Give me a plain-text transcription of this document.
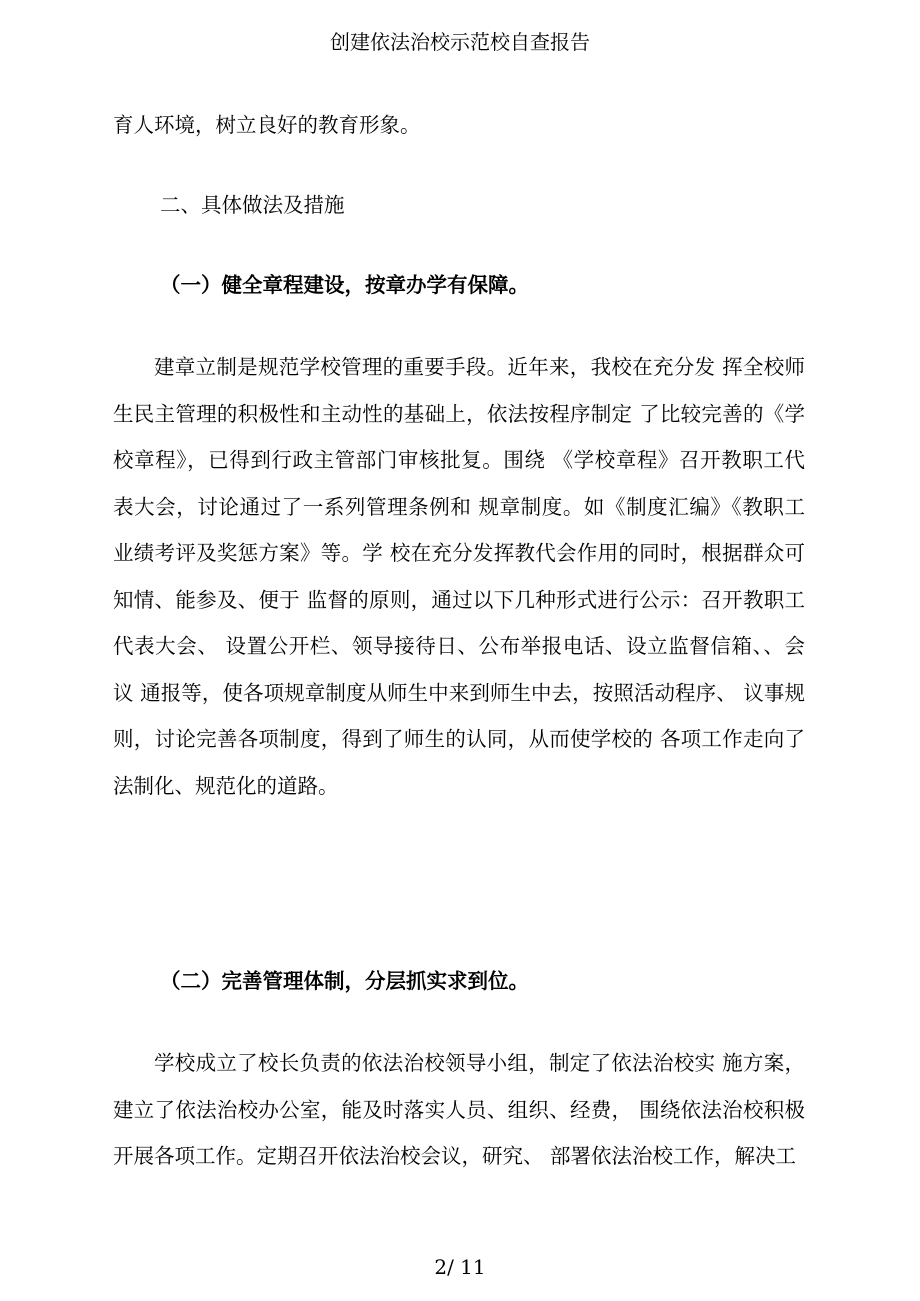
创建依法治校示范校自查报告
育人环境，树立良好的教育形象。
二、具体做法及措施
（一）健全章程建设，按章办学有保障。
建章立制是规范学校管理的重要手段。近年来，我校在充分发 挥全校师生民主管理的积极性和主动性的基础上，依法按程序制定 了比较完善的《学校章程》，已得到行政主管部门审核批复。围绕 《学校章程》召开教职工代表大会，讨论通过了一系列管理条例和 规章制度。如《制度汇编》《教职工业绩考评及奖惩方案》等。学 校在充分发挥教代会作用的同时，根据群众可知情、能参及、便于 监督的原则，通过以下几种形式进行公示：召开教职工代表大会、 设置公开栏、领导接待日、公布举报电话、设立监督信箱、、会议 通报等，使各项规章制度从师生中来到师生中去，按照活动程序、 议事规则，讨论完善各项制度，得到了师生的认同，从而使学校的 各项工作走向了法制化、规范化的道路。
（二）完善管理体制，分层抓实求到位。
学校成立了校长负责的依法治校领导小组，制定了依法治校实 施方案，建立了依法治校办公室，能及时落实人员、组织、经费， 围绕依法治校积极开展各项工作。定期召开依法治校会议，研究、 部署依法治校工作，解决工
2/ 11
